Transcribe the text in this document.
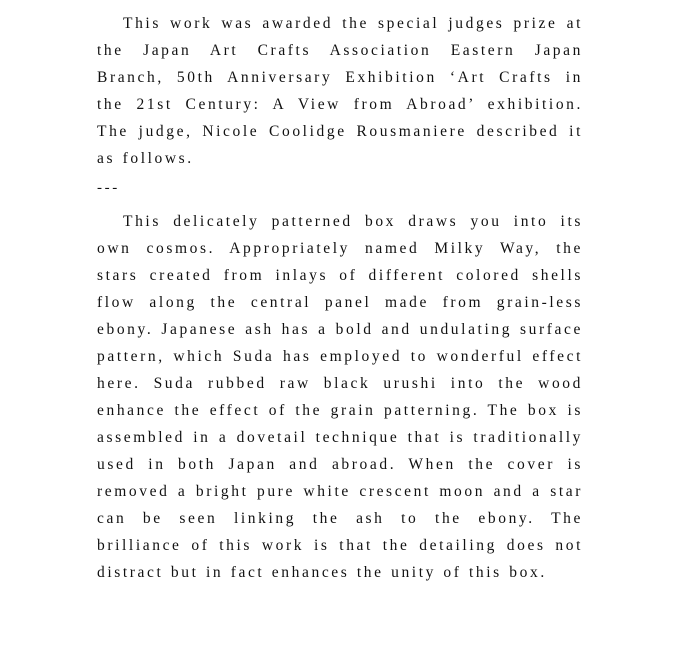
This work was awarded the special judges prize at the Japan Art Crafts Association Eastern Japan Branch, 50th Anniversary Exhibition ‘Art Crafts in the 21st Century: A View from Abroad’ exhibition. The judge, Nicole Coolidge Rousmaniere described it as follows.

---

This delicately patterned box draws you into its own cosmos. Appropriately named Milky Way, the stars created from inlays of different colored shells flow along the central panel made from grain-less ebony. Japanese ash has a bold and undulating surface pattern, which Suda has employed to wonderful effect here. Suda rubbed raw black urushi into the wood enhance the effect of the grain patterning. The box is assembled in a dovetail technique that is traditionally used in both Japan and abroad. When the cover is removed a bright pure white crescent moon and a star can be seen linking the ash to the ebony. The brilliance of this work is that the detailing does not distract but in fact enhances the unity of this box.
